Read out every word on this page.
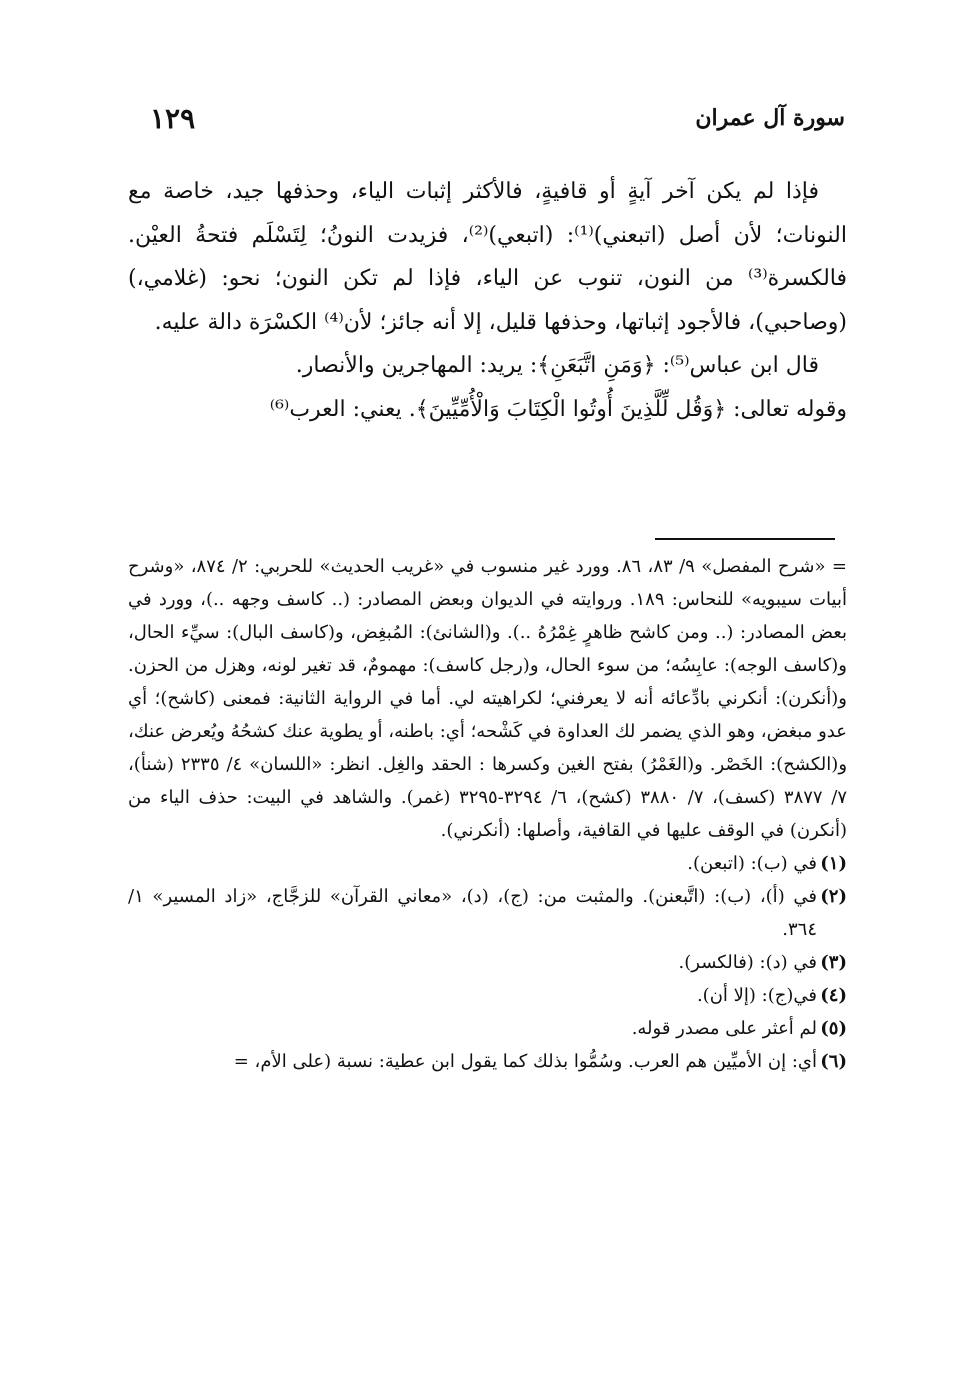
سورة آل عمران
١٢٩

فإذا لم يكن آخر آيةٍ أو قافيةٍ، فالأكثر إثبات الياء، وحذفها جيد، خاصة مع النونات؛ لأن أصل (اتبعني)⁽¹⁾: (اتبعي)⁽²⁾، فزيدت النونُ؛ لِتَسْلَم فتحةُ العيْن. فالكسرة⁽³⁾ من النون، تنوب عن الياء، فإذا لم تكن النون؛ نحو: (غلامي،) (وصاحبي)، فالأجود إثباتها، وحذفها قليل، إلا أنه جائز؛ لأن⁽⁴⁾ الكسْرَة دالة عليه.

قال ابن عباس⁽⁵⁾: ﴿وَمَنِ اتَّبَعَنِ﴾: يريد: المهاجرين والأنصار.

وقوله تعالى: ﴿وَقُل لِّلَّذِينَ أُوتُوا الْكِتَابَ وَالْأُمِّيِّينَ﴾. يعني: العرب⁽⁶⁾

= «شرح المفصل» ٩/ ٨٣، ٨٦. وورد غير منسوب في «غريب الحديث» للحربي: ٢/ ٨٧٤، «وشرح أبيات سيبويه» للنحاس: ١٨٩. وروايته في الديوان وبعض المصادر: (.. كاسف وجهه ..)، وورد في بعض المصادر: (.. ومن كاشح ظاهرٍ غِمْرُهُ ..). و(الشانئ): المُبغِض، و(كاسف البال): سيِّء الحال، و(كاسف الوجه): عابِسُه؛ من سوء الحال، و(رجل كاسف): مهمومٌ، قد تغير لونه، وهزل من الحزن. و(أنكرن): أنكرني بادِّعائه أنه لا يعرفني؛ لكراهيته لي. أما في الرواية الثانية: فمعنى (كاشح)؛ أي عدو مبغض، وهو الذي يضمر لك العداوة في كَشْحه؛ أي: باطنه، أو يطوية عنك كشحُهُ ويُعرض عنك، و(الكشح): الخَصْر. و(الغَمْرُ) بفتح الغين وكسرها : الحقد والغِل. انظر: «اللسان» ٤/ ٢٣٣٥ (شنأ)، ٧/ ٣٨٧٧ (كسف)، ٧/ ٣٨٨٠ (كشح)، ٦/ ٣٢٩٤-٣٢٩٥ (غمر). والشاهد في البيت: حذف الياء من (أنكرن) في الوقف عليها في القافية، وأصلها: (أنكرني).

(١)في (ب): (اتبعن).

(٢)في (أ)، (ب): (اتَّبعنن). والمثبت من: (ج)، (د)، «معاني القرآن» للزجَّاج، «زاد المسير» ١/ ٣٦٤.

(٣)في (د): (فالكسر).

(٤)في(ج): (إلا أن).

(٥)لم أعثر على مصدر قوله.

(٦)أي: إن الأميِّين هم العرب. وسُمُّوا بذلك كما يقول ابن عطية: نسبة (على الأم، =
